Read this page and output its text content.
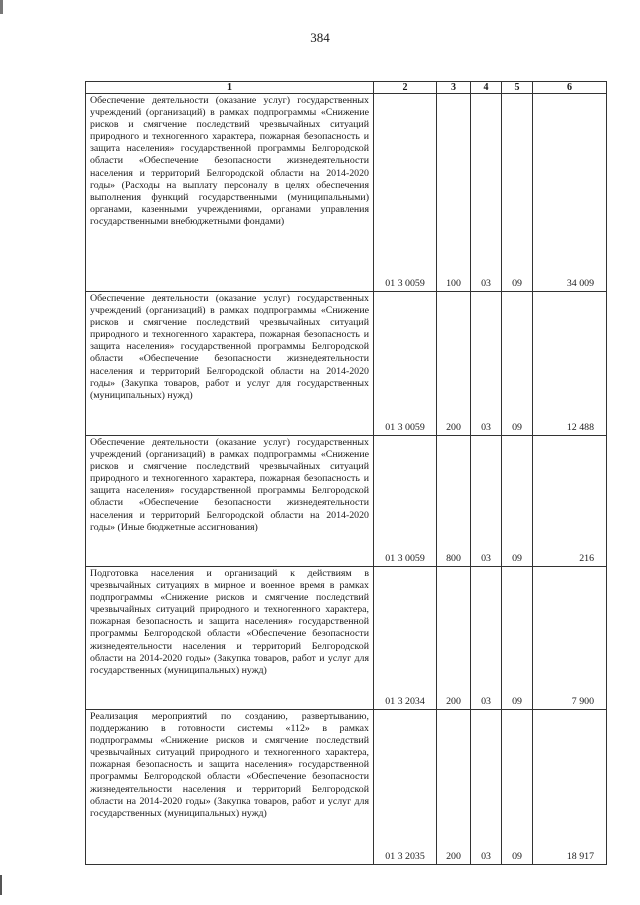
384
1	2	3	4	5	6
Обеспечение деятельности (оказание услуг) государственных учреждений (организаций) в рамках подпрограммы «Снижение рисков и смягчение последствий чрезвычайных ситуаций природного и техногенного характера, пожарная безопасность и защита населения» государственной программы Белгородской области «Обеспечение безопасности жизнедеятельности населения и территорий Белгородской области на 2014-2020 годы» (Расходы на выплату персоналу в целях обеспечения выполнения функций государственными (муниципальными) органами, казенными учреждениями, органами управления государственными внебюджетными фондами)	01 3 0059	100	03	09	34 009
Обеспечение деятельности (оказание услуг) государственных учреждений (организаций) в рамках подпрограммы «Снижение рисков и смягчение последствий чрезвычайных ситуаций природного и техногенного характера, пожарная безопасность и защита населения» государственной программы Белгородской области «Обеспечение безопасности жизнедеятельности населения и территорий Белгородской области на 2014-2020 годы» (Закупка товаров, работ и услуг для государственных (муниципальных) нужд)	01 3 0059	200	03	09	12 488
Обеспечение деятельности (оказание услуг) государственных учреждений (организаций) в рамках подпрограммы «Снижение рисков и смягчение последствий чрезвычайных ситуаций природного и техногенного характера, пожарная безопасность и защита населения» государственной программы Белгородской области «Обеспечение безопасности жизнедеятельности населения и территорий Белгородской области на 2014-2020 годы» (Иные бюджетные ассигнования)	01 3 0059	800	03	09	216
Подготовка населения и организаций к действиям в чрезвычайных ситуациях в мирное и военное время в рамках подпрограммы «Снижение рисков и смягчение последствий чрезвычайных ситуаций природного и техногенного характера, пожарная безопасность и защита населения» государственной программы Белгородской области «Обеспечение безопасности жизнедеятельности населения и территорий Белгородской области на 2014-2020 годы» (Закупка товаров, работ и услуг для государственных (муниципальных) нужд)	01 3 2034	200	03	09	7 900
Реализация мероприятий по созданию, развертыванию, поддержанию в готовности системы «112» в рамках подпрограммы «Снижение рисков и смягчение последствий чрезвычайных ситуаций природного и техногенного характера, пожарная безопасность и защита населения» государственной программы Белгородской области «Обеспечение безопасности жизнедеятельности населения и территорий Белгородской области на 2014-2020 годы» (Закупка товаров, работ и услуг для государственных (муниципальных) нужд)	01 3 2035	200	03	09	18 917
